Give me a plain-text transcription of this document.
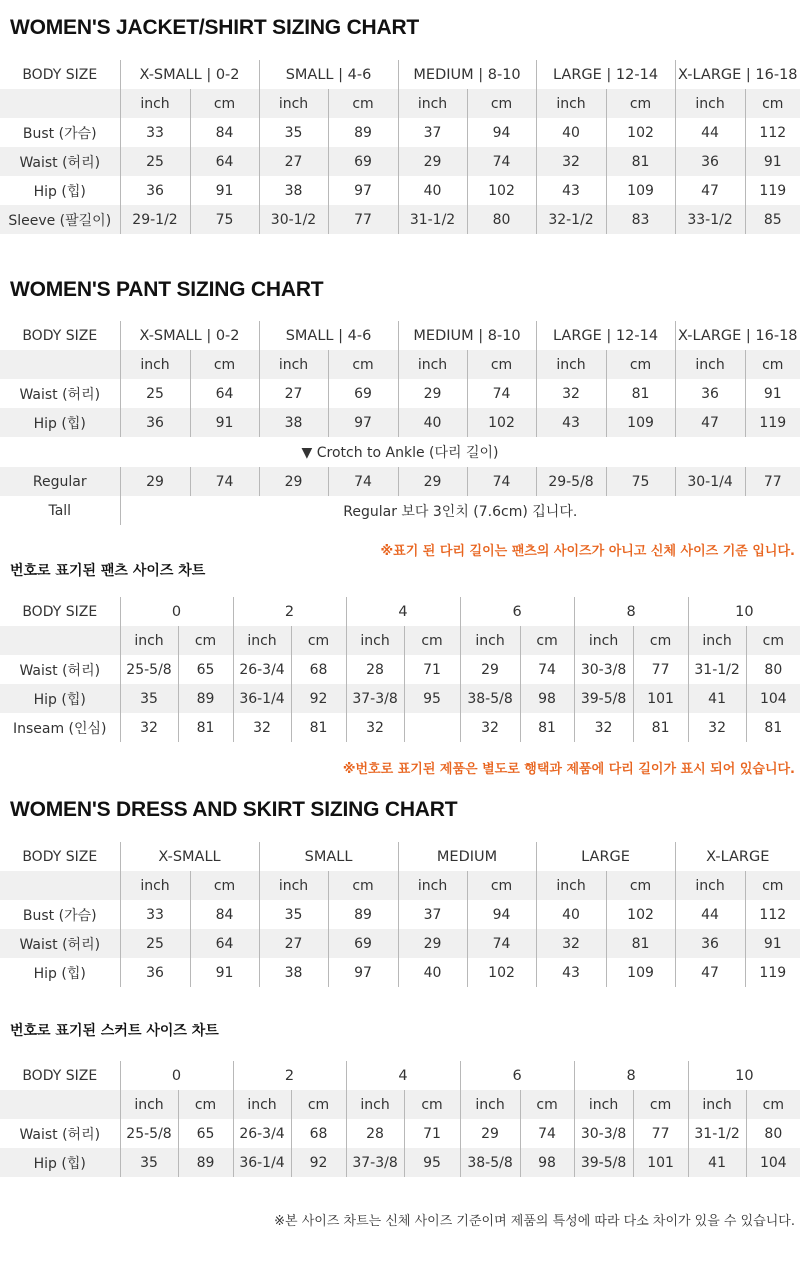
WOMEN'S JACKET/SHIRT SIZING CHART
BODY SIZE	X-SMALL | 0-2		SMALL | 4-6		MEDIUM | 8-10		LARGE | 12-14		X-LARGE | 16-18	
	inch	cm	inch	cm	inch	cm	inch	cm	inch	cm
Bust (가슴)	33	84	35	89	37	94	40	102	44	112
Waist (허리)	25	64	27	69	29	74	32	81	36	91
Hip (힙)	36	91	38	97	40	102	43	109	47	119
Sleeve (팔길이)	29-1/2	75	30-1/2	77	31-1/2	80	32-1/2	83	33-1/2	85
WOMEN'S PANT SIZING CHART
BODY SIZE	X-SMALL | 0-2		SMALL | 4-6		MEDIUM | 8-10		LARGE | 12-14		X-LARGE | 16-18	
	inch	cm	inch	cm	inch	cm	inch	cm	inch	cm
Waist (허리)	25	64	27	69	29	74	32	81	36	91
Hip (힙)	36	91	38	97	40	102	43	109	47	119
▼ Crotch to Ankle (다리 길이)										
Regular	29	74	29	74	29	74	29-5/8	75	30-1/4	77
Tall	Regular 보다 3인치 (7.6cm) 깁니다.									
※표기 된 다리 길이는 팬츠의 사이즈가 아니고 신체 사이즈 기준 입니다.
번호로 표기된 팬츠 사이즈 차트
BODY SIZE	0		2		4		6		8		10	
	inch	cm	inch	cm	inch	cm	inch	cm	inch	cm	inch	cm
Waist (허리)	25-5/8	65	26-3/4	68	28	71	29	74	30-3/8	77	31-1/2	80
Hip (힙)	35	89	36-1/4	92	37-3/8	95	38-5/8	98	39-5/8	101	41	104
Inseam (인심)	32	81	32	81	32		32	81	32	81	32	81
※번호로 표기된 제품은 별도로 행택과 제품에 다리 길이가 표시 되어 있습니다.
WOMEN'S DRESS AND SKIRT SIZING CHART
BODY SIZE	X-SMALL		SMALL		MEDIUM		LARGE		X-LARGE	
	inch	cm	inch	cm	inch	cm	inch	cm	inch	cm
Bust (가슴)	33	84	35	89	37	94	40	102	44	112
Waist (허리)	25	64	27	69	29	74	32	81	36	91
Hip (힙)	36	91	38	97	40	102	43	109	47	119
번호로 표기된 스커트 사이즈 차트
BODY SIZE	0		2		4		6		8		10	
	inch	cm	inch	cm	inch	cm	inch	cm	inch	cm	inch	cm
Waist (허리)	25-5/8	65	26-3/4	68	28	71	29	74	30-3/8	77	31-1/2	80
Hip (힙)	35	89	36-1/4	92	37-3/8	95	38-5/8	98	39-5/8	101	41	104
※본 사이즈 차트는 신체 사이즈 기준이며 제품의 특성에 따라 다소 차이가 있을 수 있습니다.
